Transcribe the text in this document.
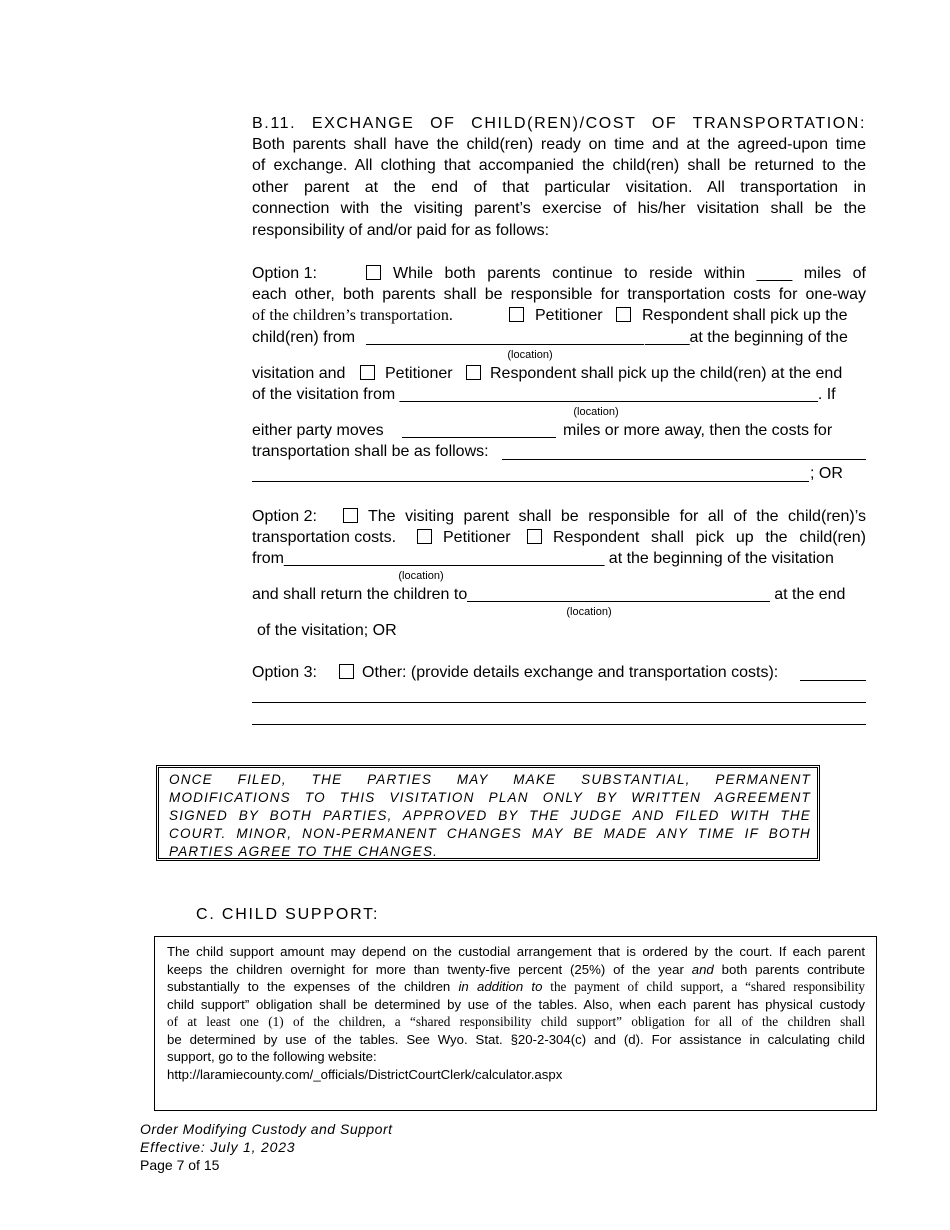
B.11. EXCHANGE OF CHILD(REN)/COST OF TRANSPORTATION:
Both parents shall have the child(ren) ready on time and at the agreed-upon time
of exchange. All clothing that accompanied the child(ren) shall be returned to the
other parent at the end of that particular visitation. All transportation in
connection with the visiting parent’s exercise of his/her visitation shall be the
responsibility of and/or paid for as follows:
Option 1:	While both parents continue to reside within ____ miles of
each other, both parents shall be responsible for transportation costs for one-way
of the children’s transportation.	Petitioner Respondent shall pick up the
child(ren) from	_____at the beginning of the
(location)
visitation and Petitioner Respondent shall pick up the child(ren) at the end
of the visitation from _______________________________________________. If
(location)
either party moves	miles or more away, then the costs for
transportation shall be as follows:
; OR
Option 2:	The visiting parent shall be responsible for all of the child(ren)’s
transportation costs.	Petitioner	Respondent shall pick up the child(ren)
from____________________________________ at the beginning of the visitation
(location)
and shall return the children to__________________________________ at the end
(location)
of the visitation; OR
Option 3:	Other: (provide details exchange and transportation costs):
ONCE FILED, THE PARTIES MAY MAKE SUBSTANTIAL, PERMANENT
MODIFICATIONS TO THIS VISITATION PLAN ONLY BY WRITTEN AGREEMENT
SIGNED BY BOTH PARTIES, APPROVED BY THE JUDGE AND FILED WITH THE
COURT. MINOR, NON-PERMANENT CHANGES MAY BE MADE ANY TIME IF BOTH
PARTIES AGREE TO THE CHANGES.
C. CHILD SUPPORT:
The child support amount may depend on the custodial arrangement that is ordered by the court. If each parent
keeps the children overnight for more than twenty-five percent (25%) of the year and both parents contribute
substantially to the expenses of the children in addition to the payment of child support, a “shared responsibility
child support” obligation shall be determined by use of the tables. Also, when each parent has physical custody
of at least one (1) of the children, a “shared responsibility child support” obligation for all of the children shall
be determined by use of the tables. See Wyo. Stat. §20-2-304(c) and (d). For assistance in calculating child
support, go to the following website:
http://laramiecounty.com/_officials/DistrictCourtClerk/calculator.aspx
Order Modifying Custody and Support
Effective: July 1, 2023
Page 7 of 15
